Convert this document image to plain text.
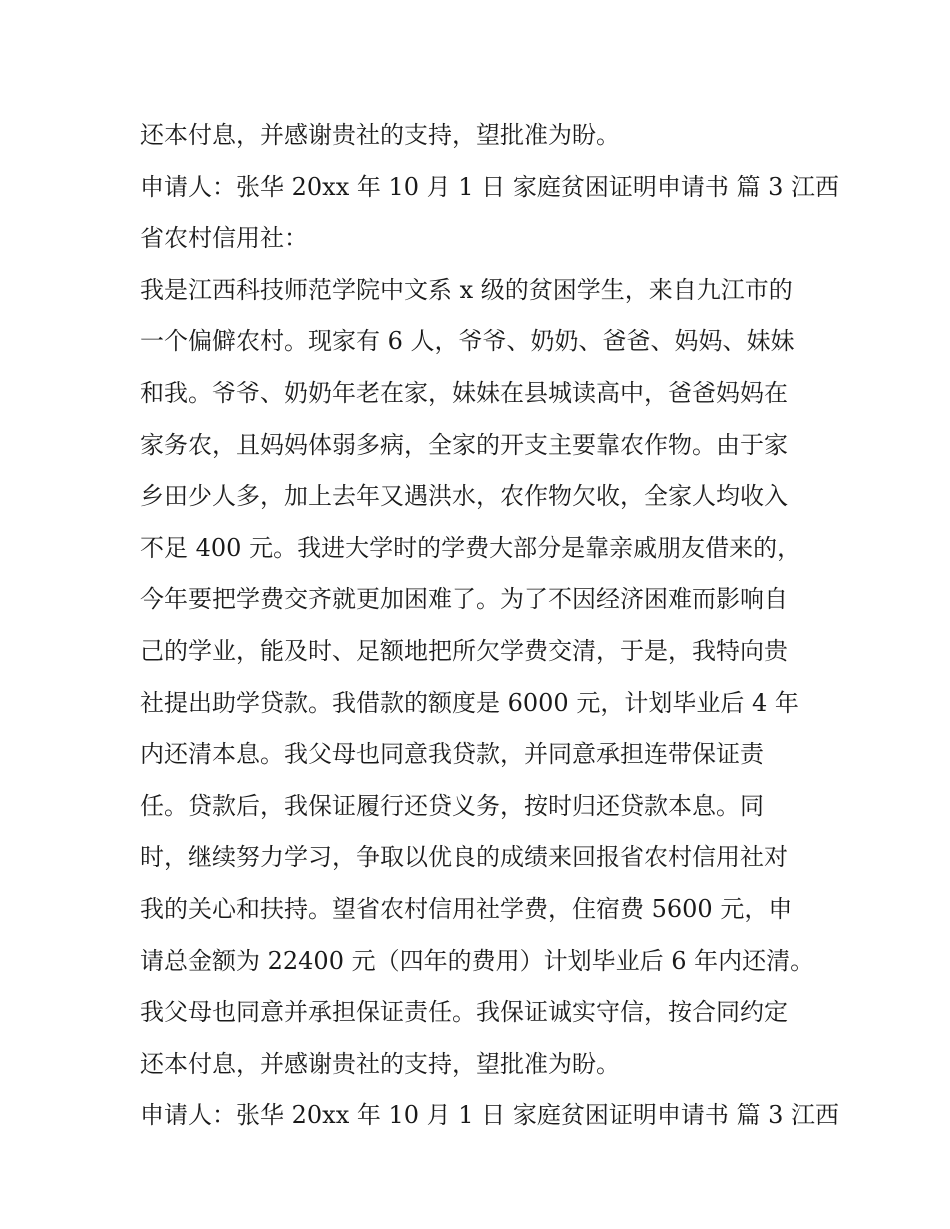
还本付息，并感谢贵社的支持，望批准为盼。
申请人：张华 20xx 年 10 月 1 日 家庭贫困证明申请书 篇 3 江西
省农村信用社：
我是江西科技师范学院中文系 x 级的贫困学生，来自九江市的
一个偏僻农村。现家有 6 人，爷爷、奶奶、爸爸、妈妈、妹妹
和我。爷爷、奶奶年老在家，妹妹在县城读高中，爸爸妈妈在
家务农，且妈妈体弱多病，全家的开支主要靠农作物。由于家
乡田少人多，加上去年又遇洪水，农作物欠收，全家人均收入
不足 400 元。我进大学时的学费大部分是靠亲戚朋友借来的，
今年要把学费交齐就更加困难了。为了不因经济困难而影响自
己的学业，能及时、足额地把所欠学费交清，于是，我特向贵
社提出助学贷款。我借款的额度是 6000 元，计划毕业后 4 年
内还清本息。我父母也同意我贷款，并同意承担连带保证责
任。贷款后，我保证履行还贷义务，按时归还贷款本息。同
时，继续努力学习，争取以优良的成绩来回报省农村信用社对
我的关心和扶持。望省农村信用社学费，住宿费 5600 元，申
请总金额为 22400 元（四年的费用）计划毕业后 6 年内还清。
我父母也同意并承担保证责任。我保证诚实守信，按合同约定
还本付息，并感谢贵社的支持，望批准为盼。
申请人：张华 20xx 年 10 月 1 日 家庭贫困证明申请书 篇 3 江西
